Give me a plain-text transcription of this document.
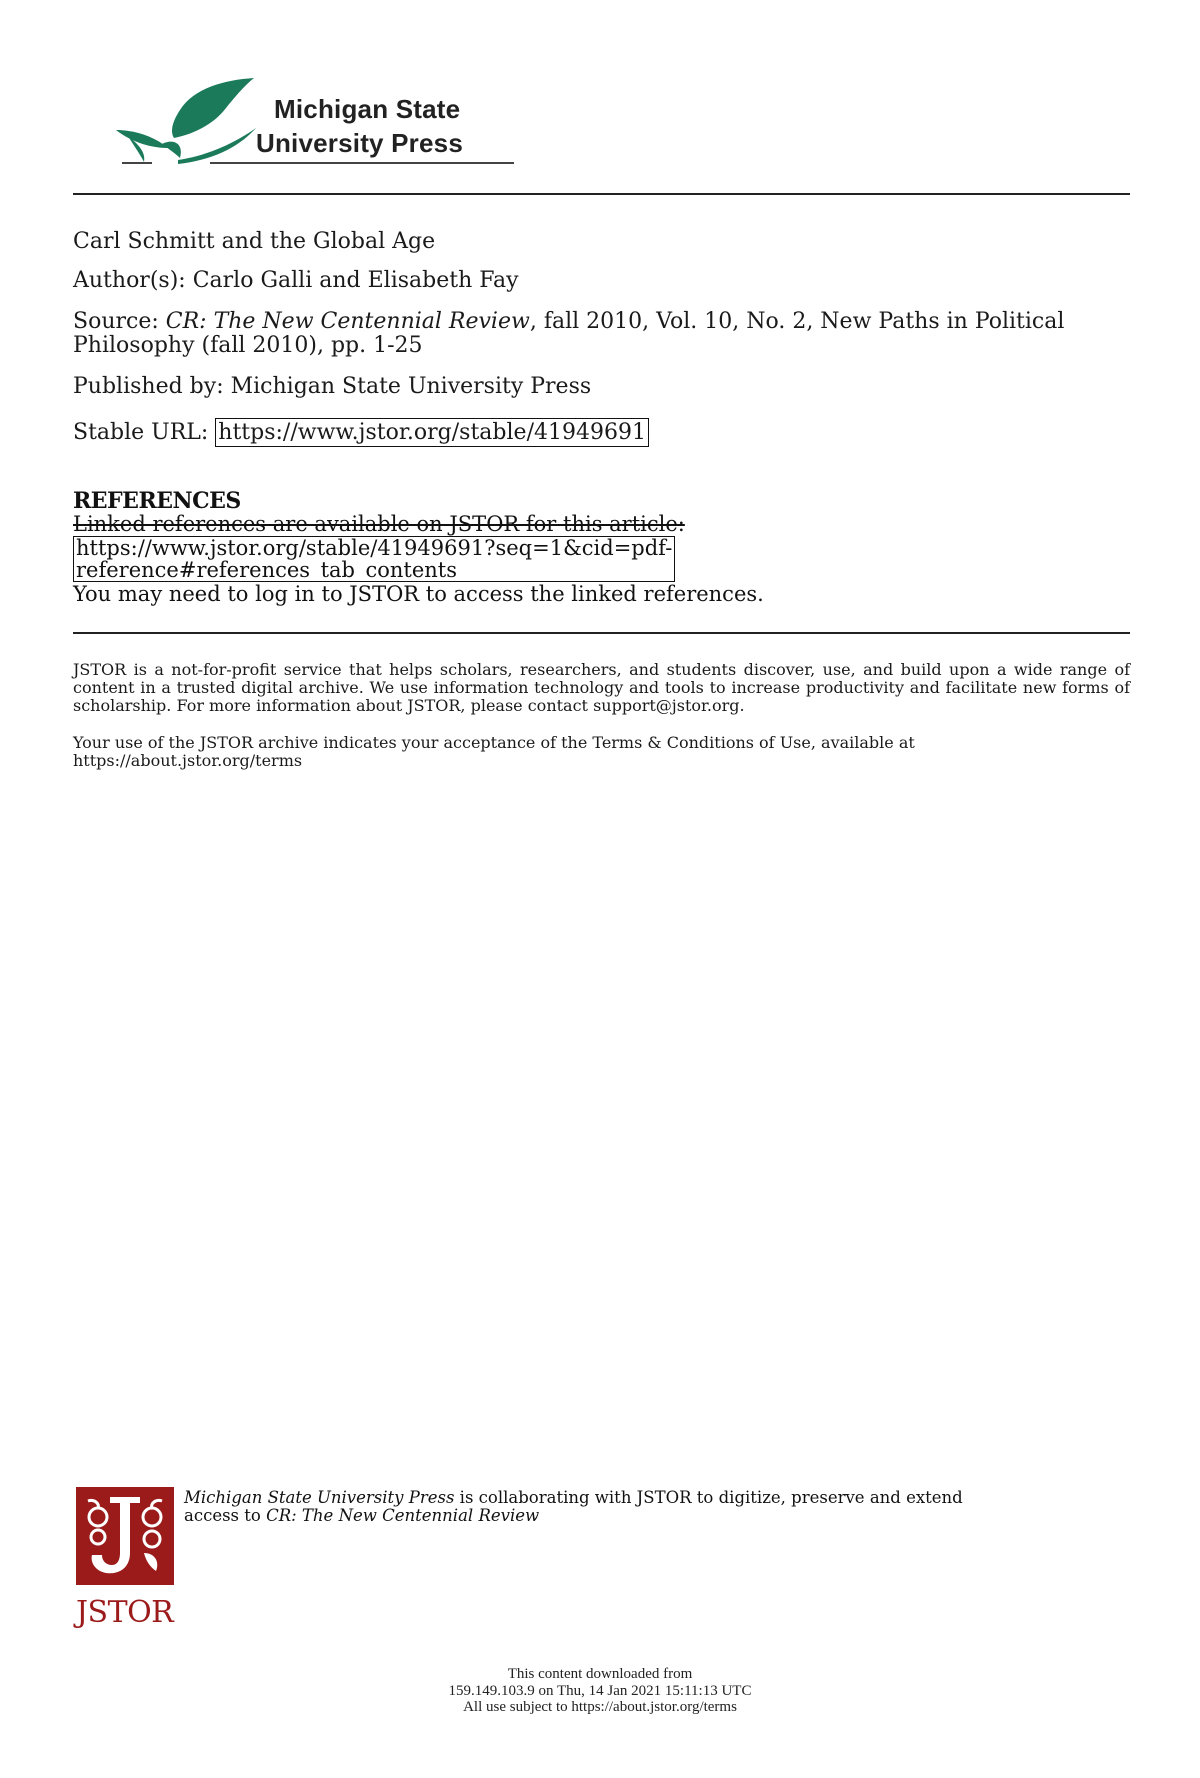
Michigan State
University Press
Carl Schmitt and the Global Age
Author(s): Carlo Galli and Elisabeth Fay
Source: CR: The New Centennial Review, fall 2010, Vol. 10, No. 2, New Paths in Political
Philosophy (fall 2010), pp. 1-25
Published by: Michigan State University Press
Stable URL: https://www.jstor.org/stable/41949691
REFERENCES
Linked references are available on JSTOR for this article:
https://www.jstor.org/stable/41949691?seq=1&cid=pdf-
reference#references_tab_contents
You may need to log in to JSTOR to access the linked references.
JSTOR is a not-for-profit service that helps scholars, researchers, and students discover, use, and build upon a wide range of content in a trusted digital archive. We use information technology and tools to increase productivity and facilitate new forms of scholarship. For more information about JSTOR, please contact support@jstor.org.
Your use of the JSTOR archive indicates your acceptance of the Terms & Conditions of Use, available at
https://about.jstor.org/terms
JSTOR
Michigan State University Press is collaborating with JSTOR to digitize, preserve and extend
access to CR: The New Centennial Review
This content downloaded from
159.149.103.9 on Thu, 14 Jan 2021 15:11:13 UTC
All use subject to https://about.jstor.org/terms
